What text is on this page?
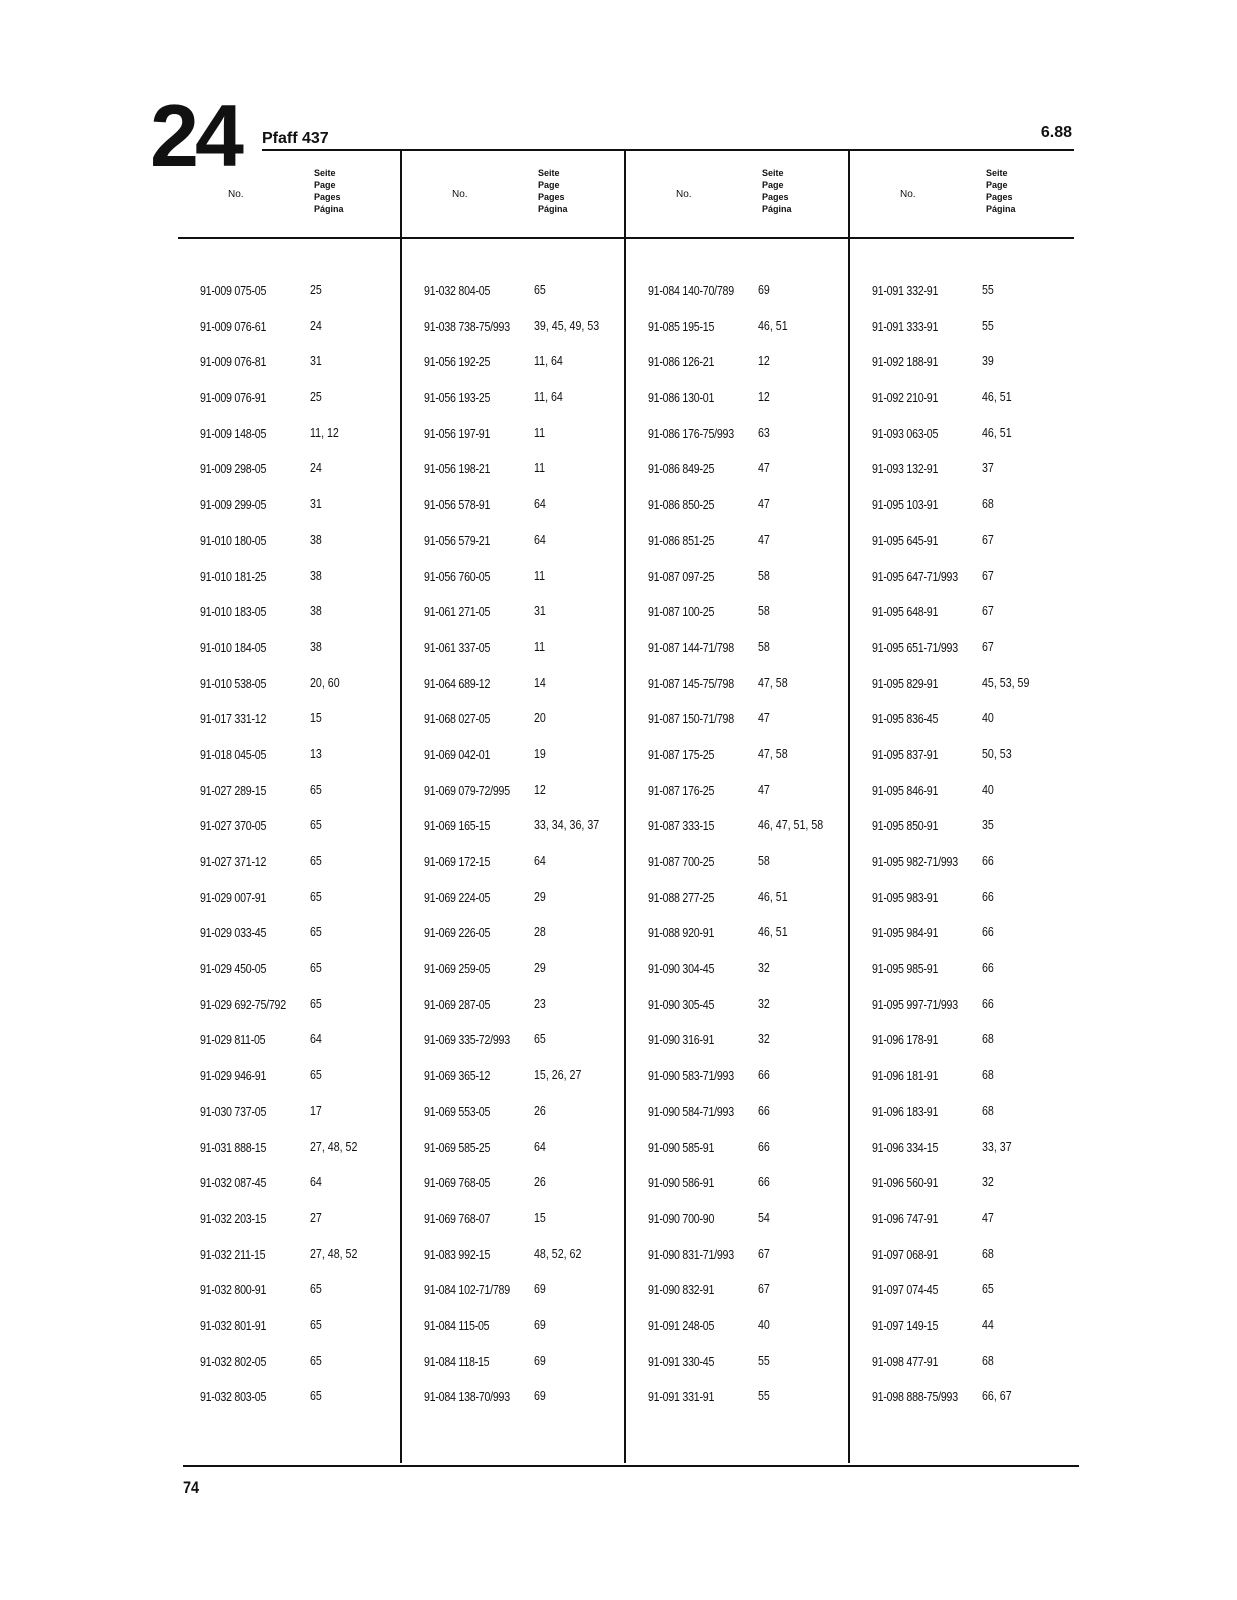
24 Pfaff 437	6.88
No.
Seite
Page
Pages
Página
No.
Seite
Page
Pages
Página
No.
Seite
Page
Pages
Página
No.
Seite
Page
Pages
Página
91-009 075-05	25
91-009 076-61	24
91-009 076-81	31
91-009 076-91	25
91-009 148-05	11, 12
91-009 298-05	24
91-009 299-05	31
91-010 180-05	38
91-010 181-25	38
91-010 183-05	38
91-010 184-05	38
91-010 538-05	20, 60
91-017 331-12	15
91-018 045-05	13
91-027 289-15	65
91-027 370-05	65
91-027 371-12	65
91-029 007-91	65
91-029 033-45	65
91-029 450-05	65
91-029 692-75/792 65
91-029 811-05	64
91-029 946-91	65
91-030 737-05	17
91-031 888-15	27, 48, 52
91-032 087-45	64
91-032 203-15	27
91-032 211-15	27, 48, 52
91-032 800-91	65
91-032 801-91	65
91-032 802-05	65
91-032 803-05	65
91-032 804-05	65
91-038 738-75/993 39, 45, 49, 53
91-056 192-25	11, 64
91-056 193-25	11, 64
91-056 197-91	11
91-056 198-21	11
91-056 578-91	64
91-056 579-21	64
91-056 760-05	11
91-061 271-05	31
91-061 337-05	11
91-064 689-12	14
91-068 027-05	20
91-069 042-01	19
91-069 079-72/995 12
91-069 165-15	33, 34, 36, 37
91-069 172-15	64
91-069 224-05	29
91-069 226-05	28
91-069 259-05	29
91-069 287-05	23
91-069 335-72/993 65
91-069 365-12	15, 26, 27
91-069 553-05	26
91-069 585-25	64
91-069 768-05	26
91-069 768-07	15
91-083 992-15	48, 52, 62
91-084 102-71/789 69
91-084 115-05	69
91-084 118-15	69
91-084 138-70/993 69
91-084 140-70/789 69
91-085 195-15	46, 51
91-086 126-21	12
91-086 130-01	12
91-086 176-75/993 63
91-086 849-25	47
91-086 850-25	47
91-086 851-25	47
91-087 097-25	58
91-087 100-25	58
91-087 144-71/798 58
91-087 145-75/798 47, 58
91-087 150-71/798 47
91-087 175-25	47, 58
91-087 176-25	47
91-087 333-15	46, 47, 51, 58
91-087 700-25	58
91-088 277-25	46, 51
91-088 920-91	46, 51
91-090 304-45	32
91-090 305-45	32
91-090 316-91	32
91-090 583-71/993 66
91-090 584-71/993 66
91-090 585-91	66
91-090 586-91	66
91-090 700-90	54
91-090 831-71/993 67
91-090 832-91	67
91-091 248-05	40
91-091 330-45	55
91-091 331-91	55
91-091 332-91	55
91-091 333-91	55
91-092 188-91	39
91-092 210-91	46, 51
91-093 063-05	46, 51
91-093 132-91	37
91-095 103-91	68
91-095 645-91	67
91-095 647-71/993 67
91-095 648-91	67
91-095 651-71/993 67
91-095 829-91	45, 53, 59
91-095 836-45	40
91-095 837-91	50, 53
91-095 846-91	40
91-095 850-91	35
91-095 982-71/993 66
91-095 983-91	66
91-095 984-91	66
91-095 985-91	66
91-095 997-71/993 66
91-096 178-91	68
91-096 181-91	68
91-096 183-91	68
91-096 334-15	33, 37
91-096 560-91	32
91-096 747-91	47
91-097 068-91	68
91-097 074-45	65
91-097 149-15	44
91-098 477-91	68
91-098 888-75/993 66, 67
74
